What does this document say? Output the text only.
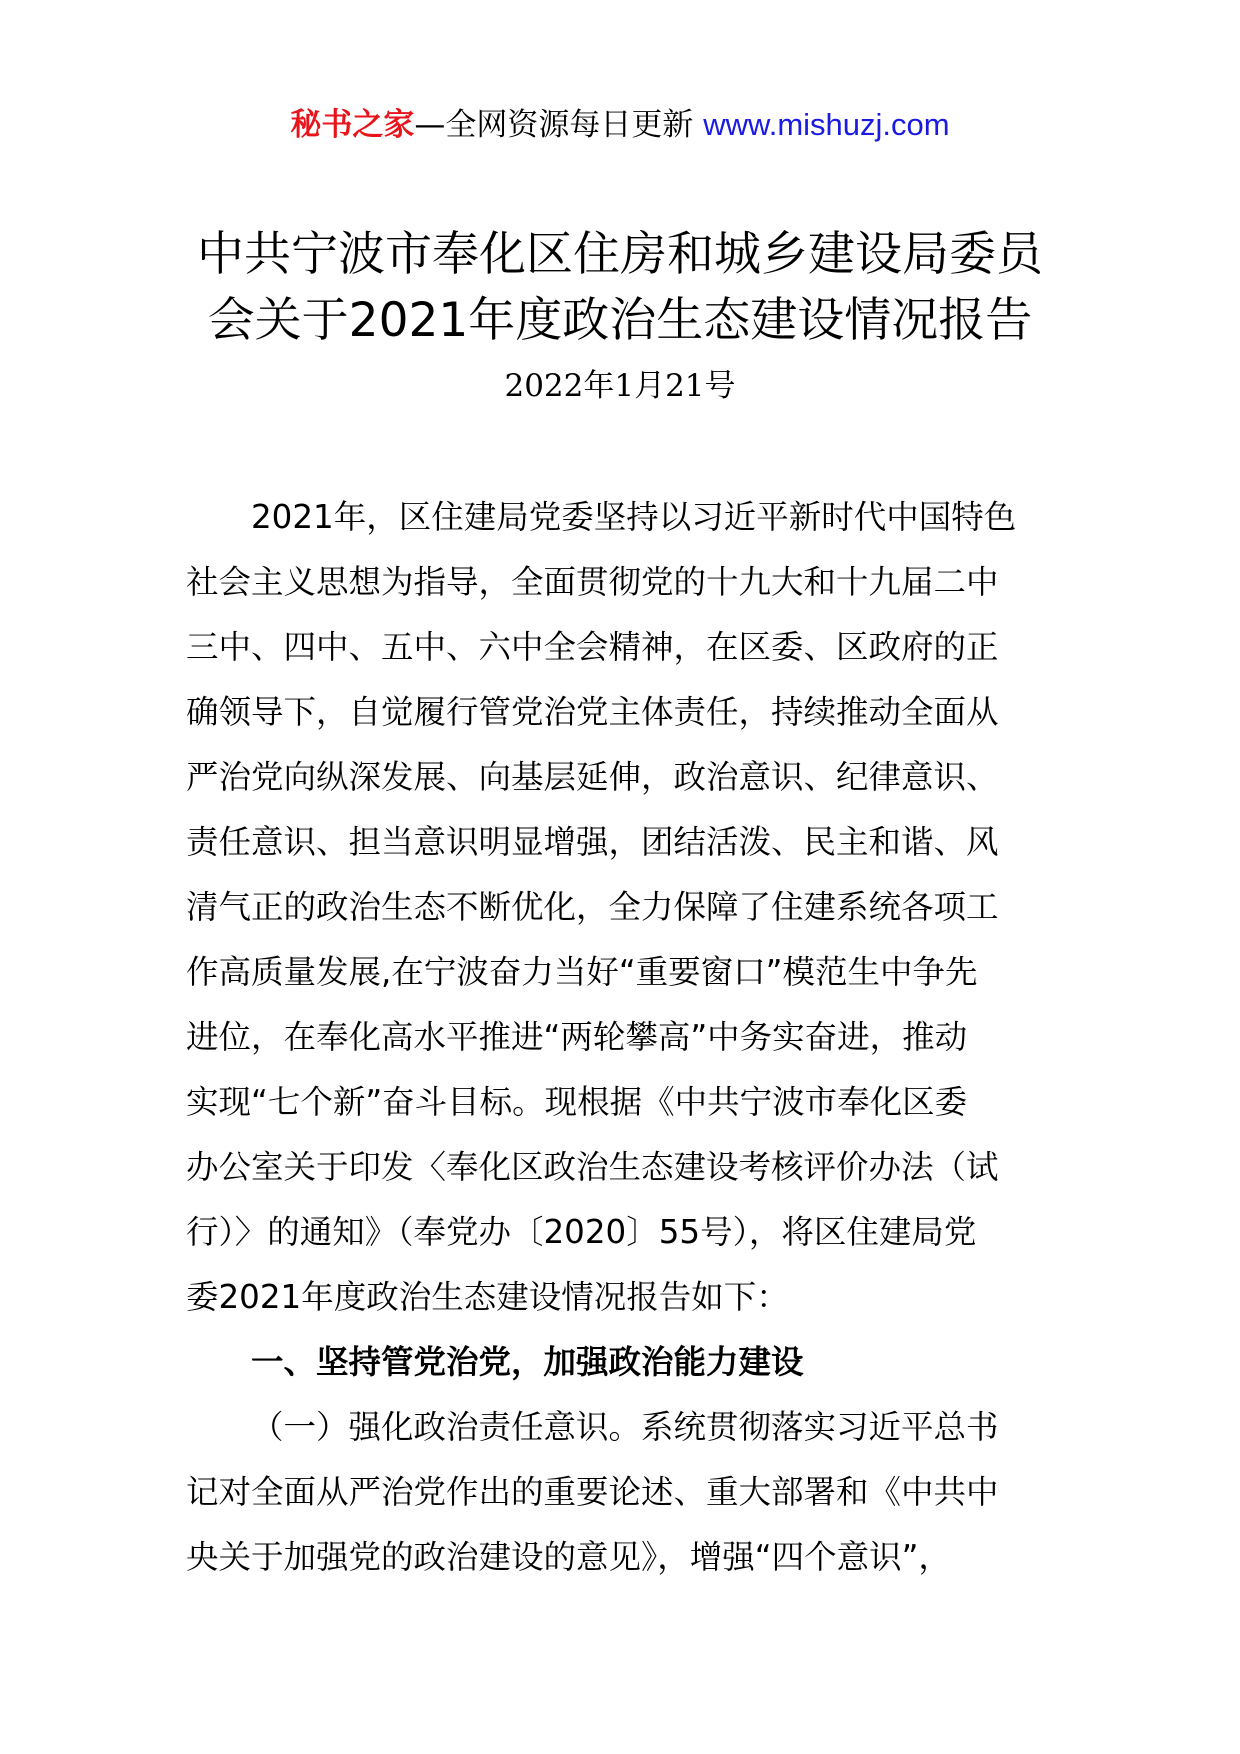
秘书之家—全网资源每日更新 www.mishuzj.com
中共宁波市奉化区住房和城乡建设局委员
会关于2021年度政治生态建设情况报告
2022年1月21号

2021年，区住建局党委坚持以习近平新时代中国特色
社会主义思想为指导，全面贯彻党的十九大和十九届二中
三中、四中、五中、六中全会精神，在区委、区政府的正
确领导下，自觉履行管党治党主体责任，持续推动全面从
严治党向纵深发展、向基层延伸，政治意识、纪律意识、
责任意识、担当意识明显增强，团结活泼、民主和谐、风
清气正的政治生态不断优化，全力保障了住建系统各项工
作高质量发展,在宁波奋力当好“重要窗口”模范生中争先
进位，在奉化高水平推进“两轮攀高”中务实奋进，推动
实现“七个新”奋斗目标。现根据《中共宁波市奉化区委
办公室关于印发〈奉化区政治生态建设考核评价办法（试
行）〉的通知》（奉党办〔2020〕55号），将区住建局党
委2021年度政治生态建设情况报告如下：

一、坚持管党治党，加强政治能力建设

（一）强化政治责任意识。系统贯彻落实习近平总书
记对全面从严治党作出的重要论述、重大部署和《中共中
央关于加强党的政治建设的意见》，增强“四个意识”，
